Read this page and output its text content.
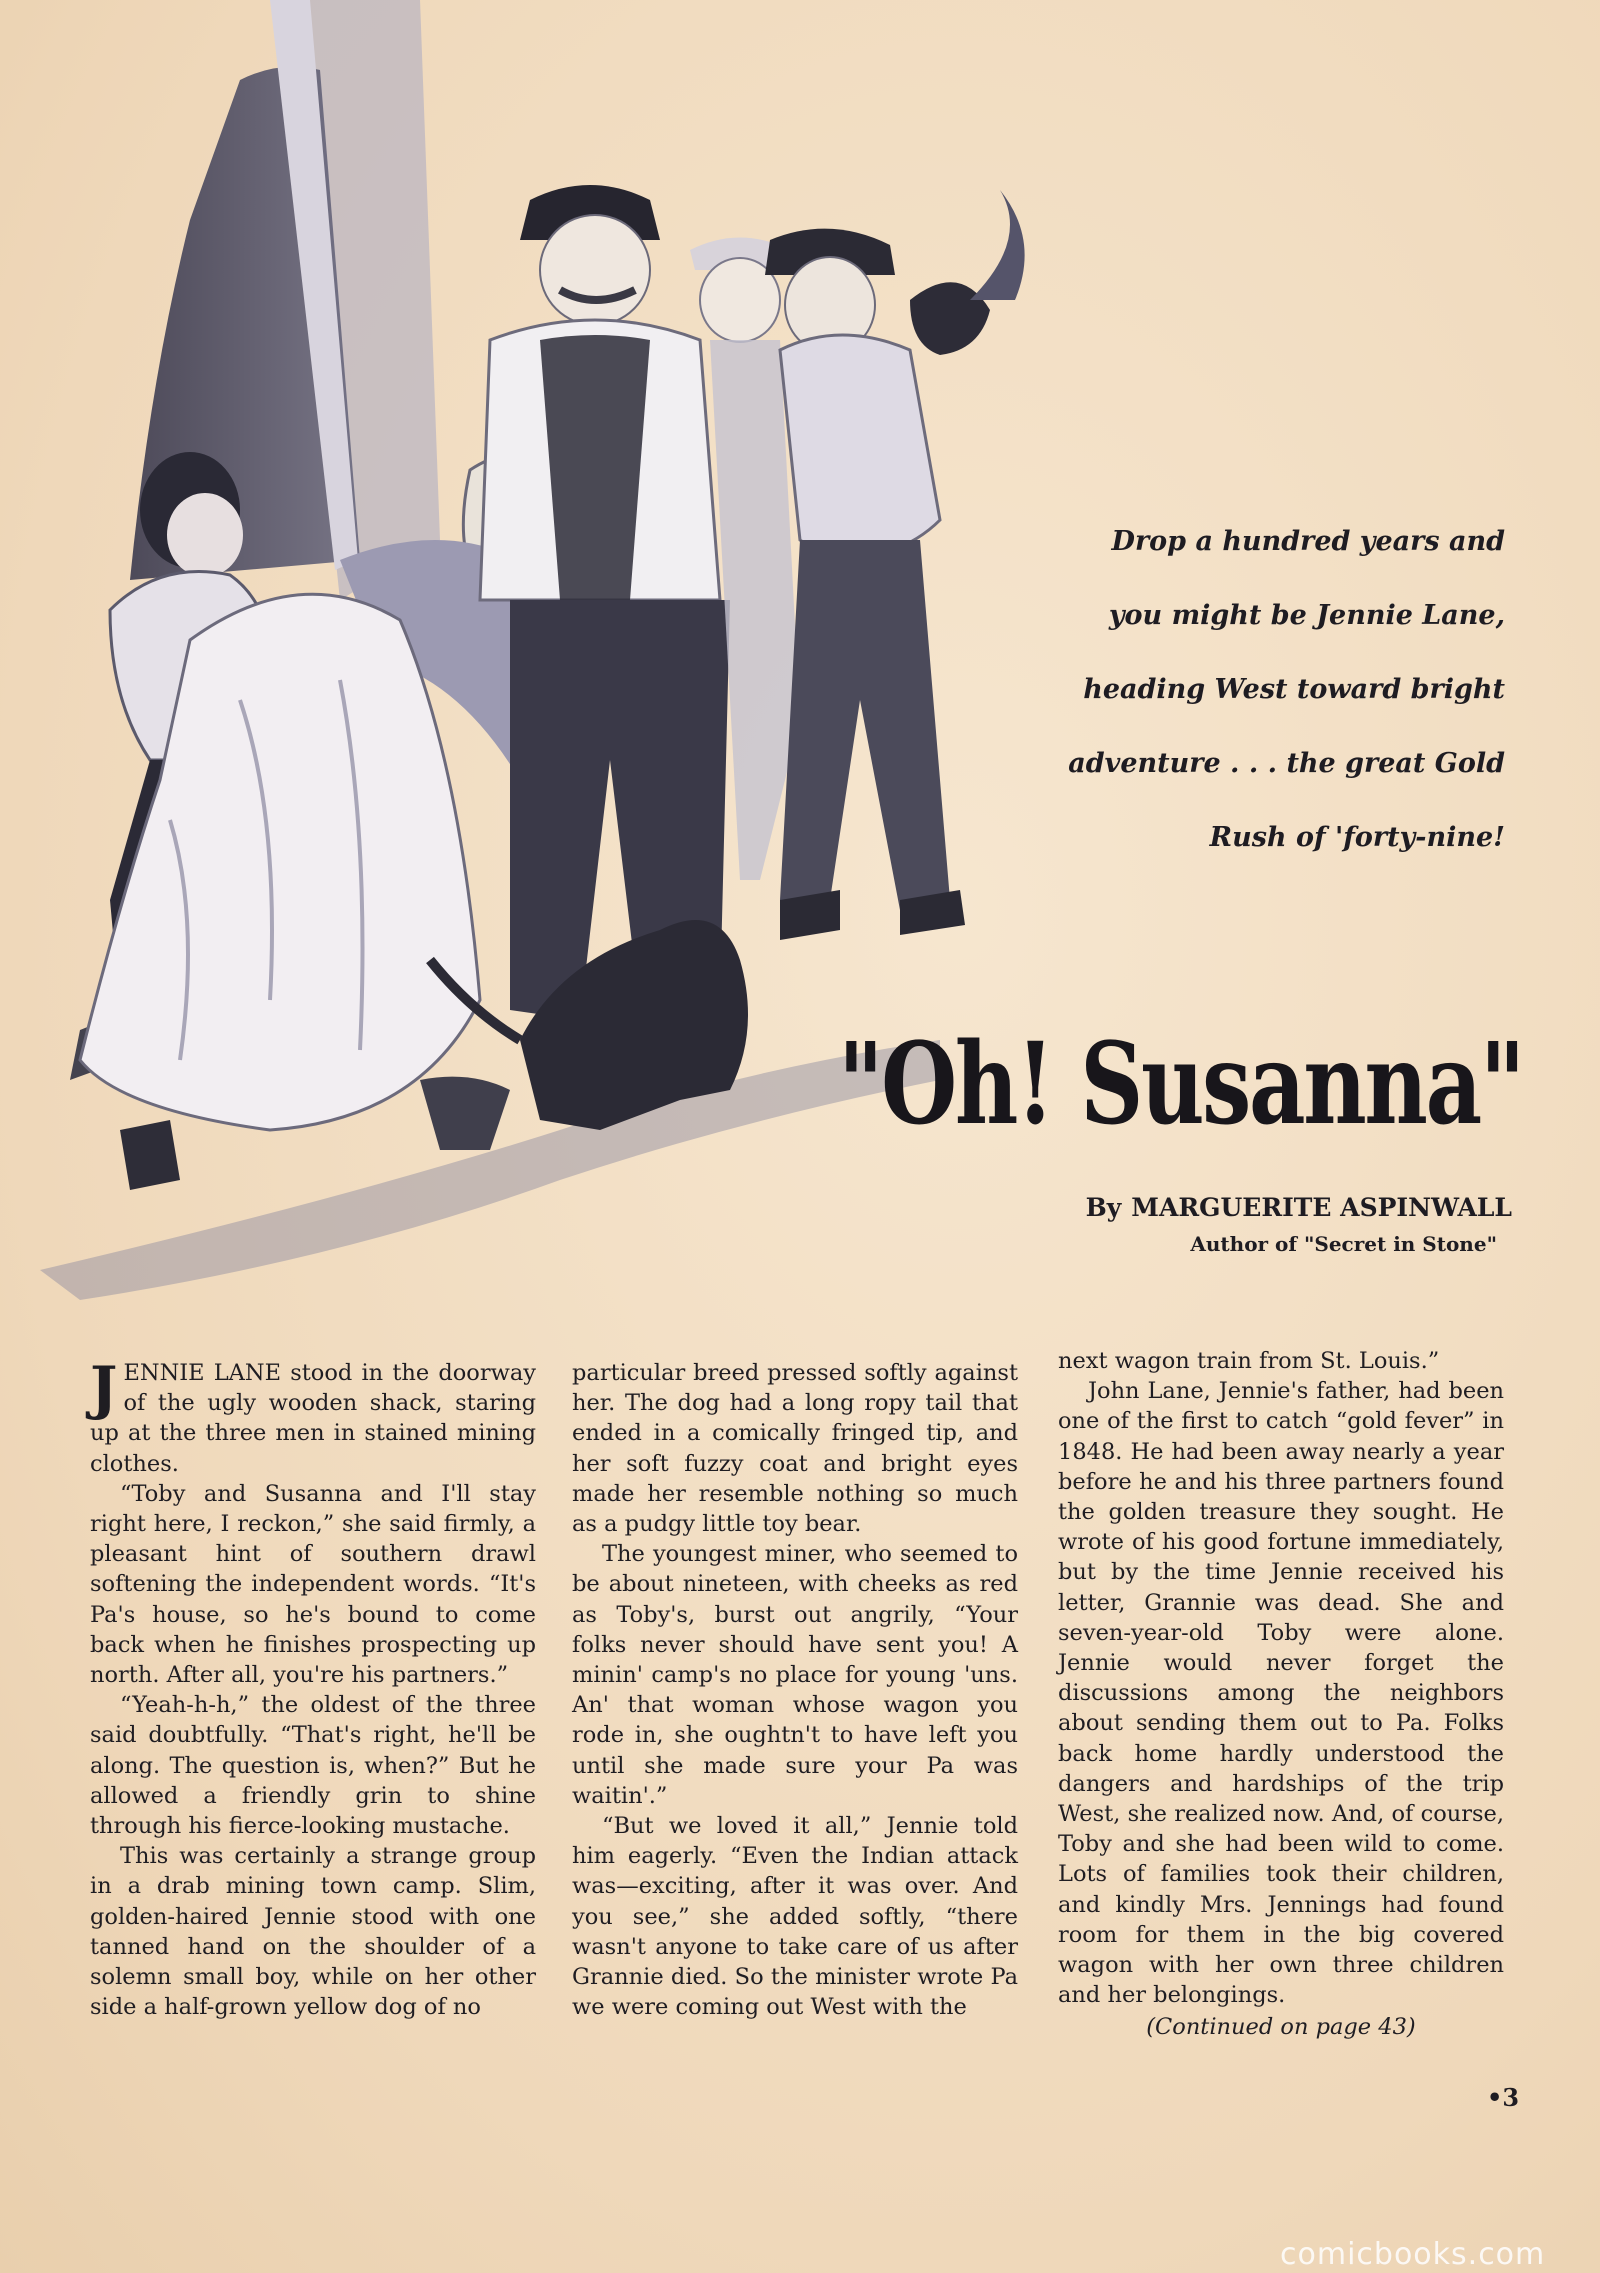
Drop a hundred years and
you might be Jennie Lane,
heading West toward bright
adventure . . . the great Gold
Rush of 'forty-nine!
"Oh! Susanna"
By MARGUERITE ASPINWALL
Author of "Secret in Stone"

JENNIE LANE stood in the doorway of the ugly wooden shack, staring up at the three men in stained mining clothes.

“Toby and Susanna and I'll stay right here, I reckon,” she said firmly, a pleasant hint of southern drawl softening the independent words. “It's Pa's house, so he's bound to come back when he finishes prospecting up north. After all, you're his partners.”

“Yeah-h-h,” the oldest of the three said doubtfully. “That's right, he'll be along. The question is, when?” But he allowed a friendly grin to shine through his fierce-looking mustache.

This was certainly a strange group in a drab mining town camp. Slim, golden-haired Jennie stood with one tanned hand on the shoulder of a solemn small boy, while on her other side a half-grown yellow dog of no

particular breed pressed softly against her. The dog had a long ropy tail that ended in a comically fringed tip, and her soft fuzzy coat and bright eyes made her resemble nothing so much as a pudgy little toy bear.

The youngest miner, who seemed to be about nineteen, with cheeks as red as Toby's, burst out angrily, “Your folks never should have sent you! A minin' camp's no place for young 'uns. An' that woman whose wagon you rode in, she oughtn't to have left you until she made sure your Pa was waitin'.”

“But we loved it all,” Jennie told him eagerly. “Even the Indian attack was—exciting, after it was over. And you see,” she added softly, “there wasn't anyone to take care of us after Grannie died. So the minister wrote Pa we were coming out West with the

next wagon train from St. Louis.”

John Lane, Jennie's father, had been one of the first to catch “gold fever” in 1848. He had been away nearly a year before he and his three partners found the golden treasure they sought. He wrote of his good fortune immediately, but by the time Jennie received his letter, Grannie was dead. She and seven-year-old Toby were alone. Jennie would never forget the discussions among the neighbors about sending them out to Pa. Folks back home hardly understood the dangers and hardships of the trip West, she realized now. And, of course, Toby and she had been wild to come. Lots of families took their children, and kindly Mrs. Jennings had found room for them in the big covered wagon with her own three children and her belongings.

(Continued on page 43)

•3
comicbooks.com
